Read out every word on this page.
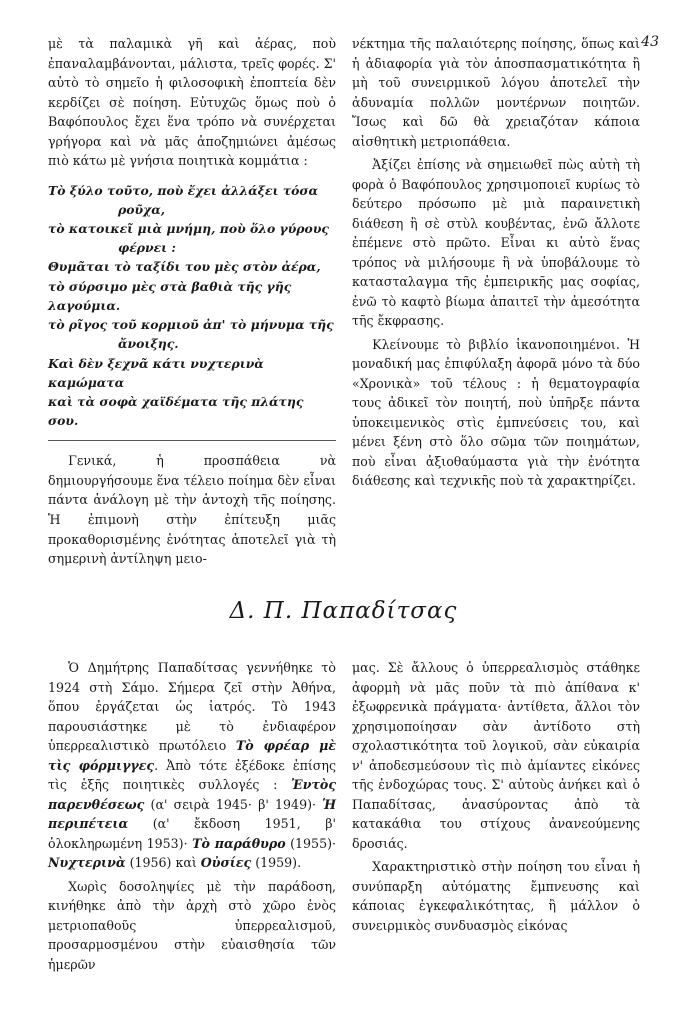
43

μὲ τὰ παλαμικὰ γῆ καὶ ἀέρας, ποὺ ἐπαναλαμβάνονται, μάλιστα, τρεῖς φορές. Σ' αὐτὸ τὸ σημεῖο ἡ φιλοσοφικὴ ἐποπτεία δὲν κερδίζει σὲ ποίηση. Εὐτυχῶς ὅμως ποὺ ὁ Βαφόπουλος ἔχει ἕνα τρόπο νὰ συνέρχεται γρήγορα καὶ νὰ μᾶς ἀποζημιώνει ἀμέσως πιὸ κάτω μὲ γνήσια ποιητικὰ κομμάτια :

Τὸ ξύλο τοῦτο, ποὺ ἔχει ἀλλάξει τόσα
ροῦχα,
τὸ κατοικεῖ μιὰ μνήμη, ποὺ ὅλο γύρους
φέρνει :
Θυμᾶται τὸ ταξίδι του μὲς στὸν ἀέρα,
τὸ σύρσιμο μὲς στὰ βαθιὰ τῆς γῆς λαγούμια.
τὸ ρῖγος τοῦ κορμιοῦ ἀπ' τὸ μήνυμα τῆς
ἄνοιξης.
Καὶ δὲν ξεχνᾶ κάτι νυχτερινὰ καμώματα
καὶ τὰ σοφὰ χαϊδέματα τῆς πλάτης σου.

Γενικά, ἡ προσπάθεια νὰ δημιουργήσουμε ἕνα τέλειο ποίημα δὲν εἶναι πάντα ἀνάλογη μὲ τὴν ἀντοχὴ τῆς ποίησης. Ἡ ἐπιμονὴ στὴν ἐπίτευξη μιᾶς προκαθορισμένης ἑνότητας ἀποτελεῖ γιὰ τὴ σημερινὴ ἀντίληψη μειο-

νέκτημα τῆς παλαιότερης ποίησης, ὅπως καὶ ἡ ἀδιαφορία γιὰ τὸν ἀποσπασματικότητα ἢ μὴ τοῦ συνειρμικοῦ λόγου ἀποτελεῖ τὴν ἀδυναμία πολλῶν μοντέρνων ποιητῶν. Ἴσως καὶ δῶ θὰ χρειαζόταν κάποια αἰσθητικὴ μετριοπάθεια.

Ἀξίζει ἐπίσης νὰ σημειωθεῖ πὼς αὐτὴ τὴ φορὰ ὁ Βαφόπουλος χρησιμοποιεῖ κυρίως τὸ δεύτερο πρόσωπο μὲ μιὰ παραινετικὴ διάθεση ἢ σὲ στὺλ κουβέντας, ἐνῶ ἄλλοτε ἐπέμενε στὸ πρῶτο. Εἶναι κι αὐτὸ ἕνας τρόπος νὰ μιλήσουμε ἢ νὰ ὑποβάλουμε τὸ κατασταλαγμα τῆς ἐμπειρικῆς μας σοφίας, ἐνῶ τὸ καφτὸ βίωμα ἀπαιτεῖ τὴν ἀμεσότητα τῆς ἔκφρασης.

Κλείνουμε τὸ βιβλίο ἱκανοποιημένοι. Ἡ μοναδική μας ἐπιφύλαξη ἀφορᾶ μόνο τὰ δύο «Χρονικὰ» τοῦ τέλους : ἡ θεματογραφία τους ἀδικεῖ τὸν ποιητή, ποὺ ὑπῆρξε πάντα ὑποκειμενικὸς στὶς ἐμπνεύσεις του, καὶ μένει ξένη στὸ ὅλο σῶμα τῶν ποιημάτων, ποὺ εἶναι ἀξιοθαύμαστα γιὰ τὴν ἑνότητα διάθεσης καὶ τεχνικῆς ποὺ τὰ χαρακτηρίζει.

Δ. Π. Παπαδίτσας

Ὁ Δημήτρης Παπαδίτσας γεννήθηκε τὸ 1924 στὴ Σάμο. Σήμερα ζεῖ στὴν Ἀθήνα, ὅπου ἐργάζεται ὡς ἰατρός. Τὸ 1943 παρουσιάστηκε μὲ τὸ ἐνδιαφέρον ὑπερρεαλιστικὸ πρωτόλειο Τὸ φρέαρ μὲ τὶς φόρμιγγες. Ἀπὸ τότε ἐξέδοκε ἐπίσης τὶς ἑξῆς ποιητικὲς συλλογές : Ἐντὸς παρενθέσεως (α' σειρὰ 1945· β' 1949)· Ἡ περιπέτεια (α' ἔκδοση 1951, β' ὁλοκληρωμένη 1953)· Τὸ παράθυρο (1955)· Νυχτερινὰ (1956) καὶ Οὐσίες (1959).

Χωρὶς δοσοληψίες μὲ τὴν παράδοση, κινήθηκε ἀπὸ τὴν ἀρχὴ στὸ χῶρο ἑνὸς μετριοπαθοῦς ὑπερρεαλισμοῦ, προσαρμοσμένου στὴν εὐαισθησία τῶν ἡμερῶν

μας. Σὲ ἄλλους ὁ ὑπερρεαλισμὸς στάθηκε ἀφορμὴ νὰ μᾶς ποῦν τὰ πιὸ ἀπίθανα κ' ἐξωφρενικὰ πράγματα· ἀντίθετα, ἄλλοι τὸν χρησιμοποίησαν σὰν ἀντίδοτο στὴ σχολαστικότητα τοῦ λογικοῦ, σὰν εὐκαιρία ν' ἀποδεσμεύσουν τὶς πιὸ ἀμίαντες εἰκόνες τῆς ἐνδοχώρας τους. Σ' αὐτοὺς ἀνήκει καὶ ὁ Παπαδίτσας, ἀνασύροντας ἀπὸ τὰ κατακάθια του στίχους ἀνανεούμενης δροσιάς.

Χαρακτηριστικὸ στὴν ποίηση του εἶναι ἡ συνύπαρξη αὐτόματης ἔμπνευσης καὶ κάποιας ἐγκεφαλικότητας, ἢ μάλλον ὁ συνειρμικὸς συνδυασμὸς εἰκόνας
